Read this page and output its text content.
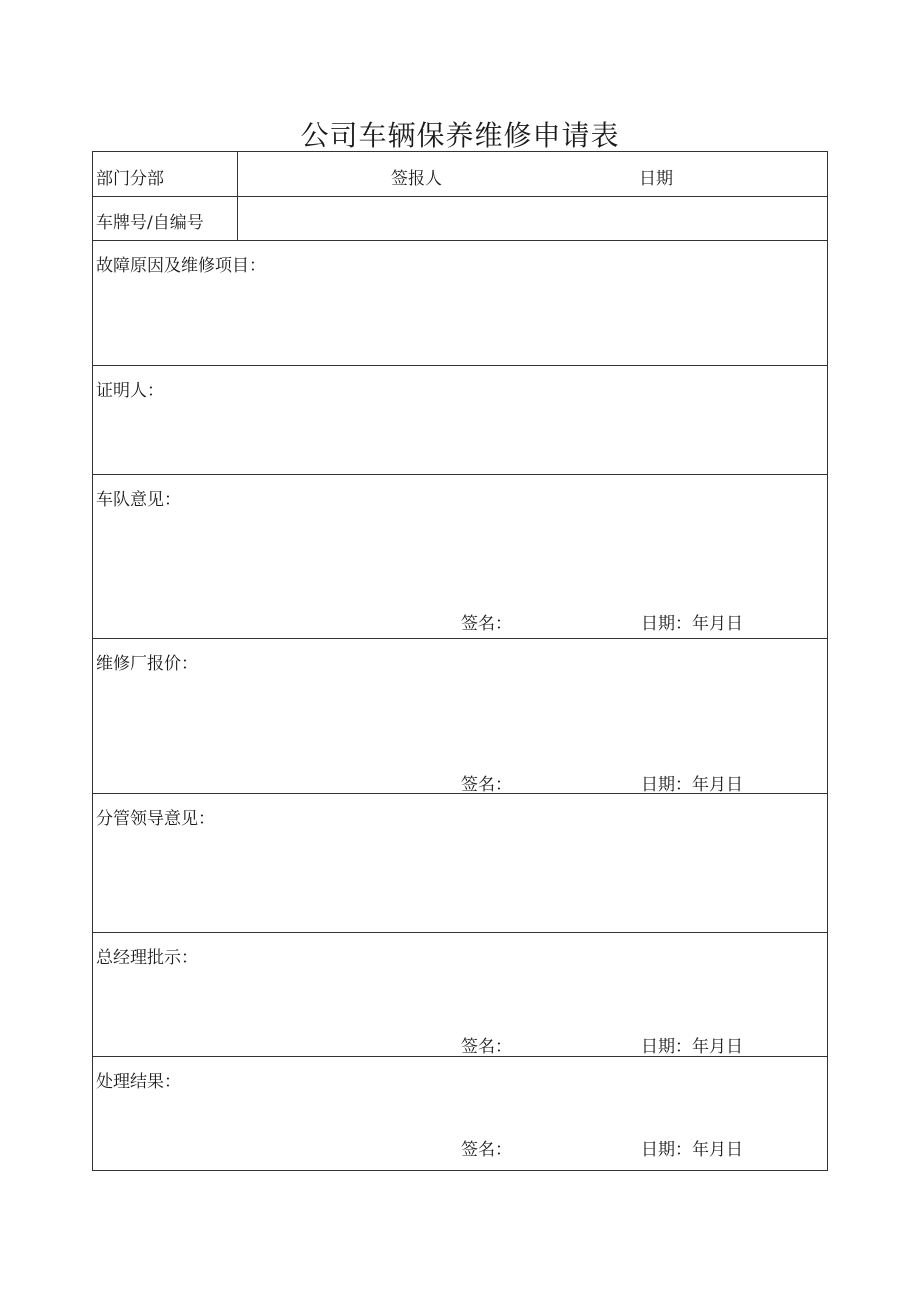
公司车辆保养维修申请表
部门分部	签报人	日期
车牌号/自编号
故障原因及维修项目：
证明人：
车队意见：
签名：	日期：年月日
维修厂报价：
签名：	日期：年月日
分管领导意见：
总经理批示：
签名：	日期：年月日
处理结果：
签名：	日期：年月日
